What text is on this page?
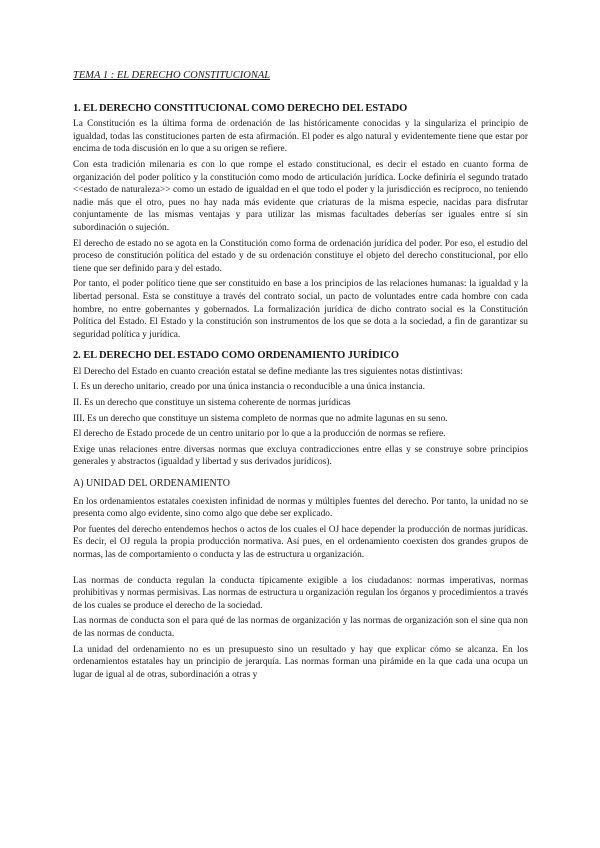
TEMA 1 : EL DERECHO CONSTITUCIONAL
1. EL DERECHO CONSTITUCIONAL COMO DERECHO DEL ESTADO

La Constitución es la última forma de ordenación de las históricamente conocidas y la singulariza el principio de igualdad, todas las constituciones parten de esta afirmación. El poder es algo natural y evidentemente tiene que estar por encima de toda discusión en lo que a su origen se refiere.

Con esta tradición milenaria es con lo que rompe el estado constitucional, es decir el estado en cuanto forma de organización del poder político y la constitución como modo de articulación jurídica. Locke definiría el segundo tratado <<estado de naturaleza>> como un estado de igualdad en el que todo el poder y la jurisdicción es recíproco, no teniendo nadie más que el otro, pues no hay nada más evidente que criaturas de la misma especie, nacidas para disfrutar conjuntamente de las mismas ventajas y para utilizar las mismas facultades deberías ser iguales entre sí sin subordinación o sujeción.

El derecho de estado no se agota en la Constitución como forma de ordenación jurídica del poder. Por eso, el estudio del proceso de constitución política del estado y de su ordenación constituye el objeto del derecho constitucional, por ello tiene que ser definido para y del estado.

Por tanto, el poder político tiene que ser constituido en base a los principios de las relaciones humanas: la igualdad y la libertad personal. Esta se constituye a través del contrato social, un pacto de voluntades entre cada hombre con cada hombre, no entre gobernantes y gobernados. La formalización jurídica de dicho contrato social es la Constitución Política del Estado. El Estado y la constitución son instrumentos de los que se dota a la sociedad, a fin de garantizar su seguridad política y jurídica.

2. EL DERECHO DEL ESTADO COMO ORDENAMIENTO JURÍDICO

El Derecho del Estado en cuanto creación estatal se define mediante las tres siguientes notas distintivas:

I. Es un derecho unitario, creado por una única instancia o reconducible a una única instancia.

II. Es un derecho que constituye un sistema coherente de normas jurídicas

III. Es un derecho que constituye un sistema completo de normas que no admite lagunas en su seno.

El derecho de Estado procede de un centro unitario por lo que a la producción de normas se refiere.

Exige unas relaciones entre diversas normas que excluya contradicciones entre ellas y se construye sobre principios generales y abstractos (igualdad y libertad y sus derivados jurídicos).

A) UNIDAD DEL ORDENAMIENTO

En los ordenamientos estatales coexisten infinidad de normas y múltiples fuentes del derecho. Por tanto, la unidad no se presenta como algo evidente, sino como algo que debe ser explicado.

Por fuentes del derecho entendemos hechos o actos de los cuales el OJ hace depender la producción de normas jurídicas. Es decir, el OJ regula la propia producción normativa. Así pues, en el ordenamiento coexisten dos grandes grupos de normas, las de comportamiento o conducta y las de estructura u organización.

Las normas de conducta regulan la conducta típicamente exigible a los ciudadanos: normas imperativas, normas prohibitivas y normas permisivas. Las normas de estructura u organización regulan los órganos y procedimientos a través de los cuales se produce el derecho de la sociedad.

Las normas de conducta son el para qué de las normas de organización y las normas de organización son el sine qua non de las normas de conducta.

La unidad del ordenamiento no es un presupuesto sino un resultado y hay que explicar cómo se alcanza. En los ordenamientos estatales hay un principio de jerarquía. Las normas forman una pirámide en la que cada una ocupa un lugar de igual al de otras, subordinación a otras y
